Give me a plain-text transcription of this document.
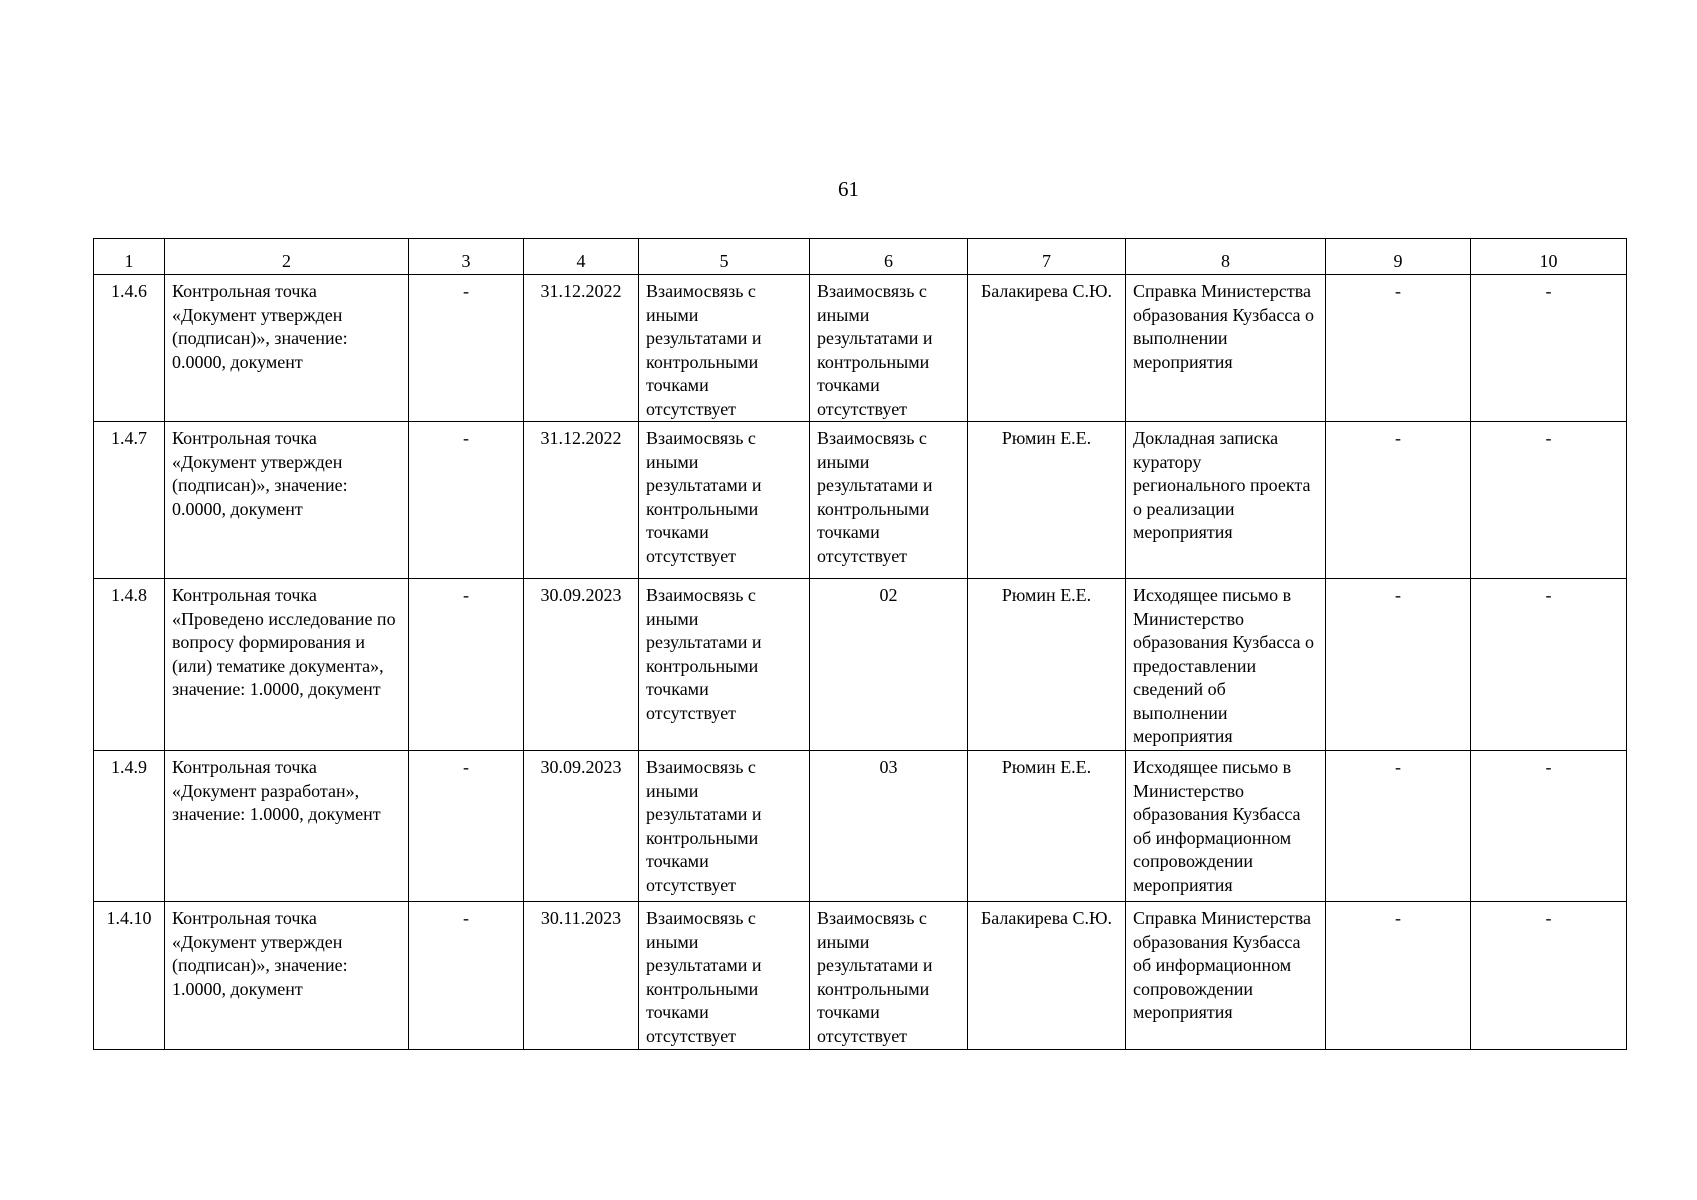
61
1	2	3	4	5	6	7	8	9	10
1.4.6	Контрольная точка «Документ утвержден (подписан)», значение: 0.0000, документ	-	31.12.2022	Взаимосвязь с иными результатами и контрольными точками отсутствует	Взаимосвязь с иными результатами и контрольными точками отсутствует	Балакирева С.Ю.	Справка Министерства образования Кузбасса о выполнении мероприятия	-	-
1.4.7	Контрольная точка «Документ утвержден (подписан)», значение: 0.0000, документ	-	31.12.2022	Взаимосвязь с иными результатами и контрольными точками отсутствует	Взаимосвязь с иными результатами и контрольными точками отсутствует	Рюмин Е.Е.	Докладная записка куратору регионального проекта о реализации мероприятия	-	-
1.4.8	Контрольная точка «Проведено исследование по вопросу формирования и (или) тематике документа», значение: 1.0000, документ	-	30.09.2023	Взаимосвязь с иными результатами и контрольными точками отсутствует	02	Рюмин Е.Е.	Исходящее письмо в Министерство образования Кузбасса о предоставлении сведений об выполнении мероприятия	-	-
1.4.9	Контрольная точка «Документ разработан», значение: 1.0000, документ	-	30.09.2023	Взаимосвязь с иными результатами и контрольными точками отсутствует	03	Рюмин Е.Е.	Исходящее письмо в Министерство образования Кузбасса об информационном сопровождении мероприятия	-	-
1.4.10	Контрольная точка «Документ утвержден (подписан)», значение: 1.0000, документ	-	30.11.2023	Взаимосвязь с иными результатами и контрольными точками отсутствует	Взаимосвязь с иными результатами и контрольными точками отсутствует	Балакирева С.Ю.	Справка Министерства образования Кузбасса об информационном сопровождении мероприятия	-	-
